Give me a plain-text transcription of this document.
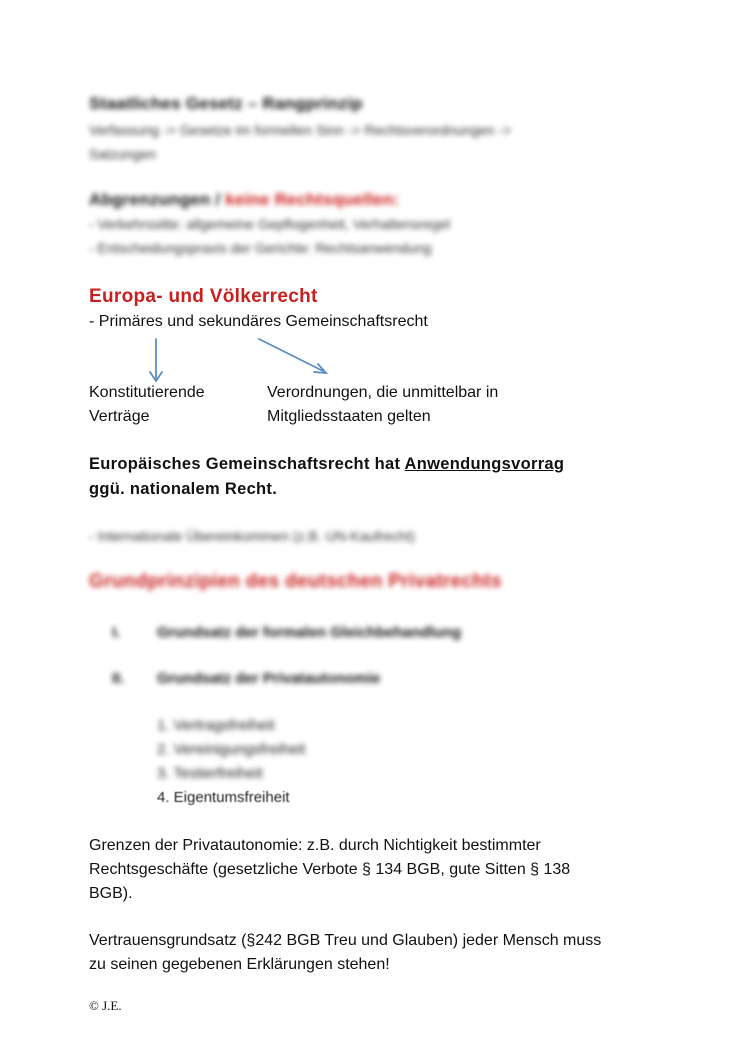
Staatliches Gesetz – Rangprinzip
Verfassung -> Gesetze im formellen Sinn -> Rechtsverordnungen ->
Satzungen
Abgrenzungen / keine Rechtsquellen:
- Verkehrssitte: allgemeine Gepflogenheit, Verhaltensregel
- Entscheidungspraxis der Gerichte: Rechtsanwendung
Europa- und Völkerrecht
- Primäres und sekundäres Gemeinschaftsrecht
Konstitutierende
Verträge
Verordnungen, die unmittelbar in
Mitgliedsstaaten gelten
Europäisches Gemeinschaftsrecht hat Anwendungsvorrag
ggü. nationalem Recht.
- Internationale Übereinkommen (z.B. UN-Kaufrecht)
Grundprinzipien des deutschen Privatrechts
I. Grundsatz der formalen Gleichbehandlung
II. Grundsatz der Privatautonomie
1. Vertragsfreiheit
2. Vereinigungsfreiheit
3. Testierfreiheit
4. Eigentumsfreiheit
Grenzen der Privatautonomie: z.B. durch Nichtigkeit bestimmter
Rechtsgeschäfte (gesetzliche Verbote § 134 BGB, gute Sitten § 138
BGB).
Vertrauensgrundsatz (§242 BGB Treu und Glauben) jeder Mensch muss
zu seinen gegebenen Erklärungen stehen!
© J.E.
